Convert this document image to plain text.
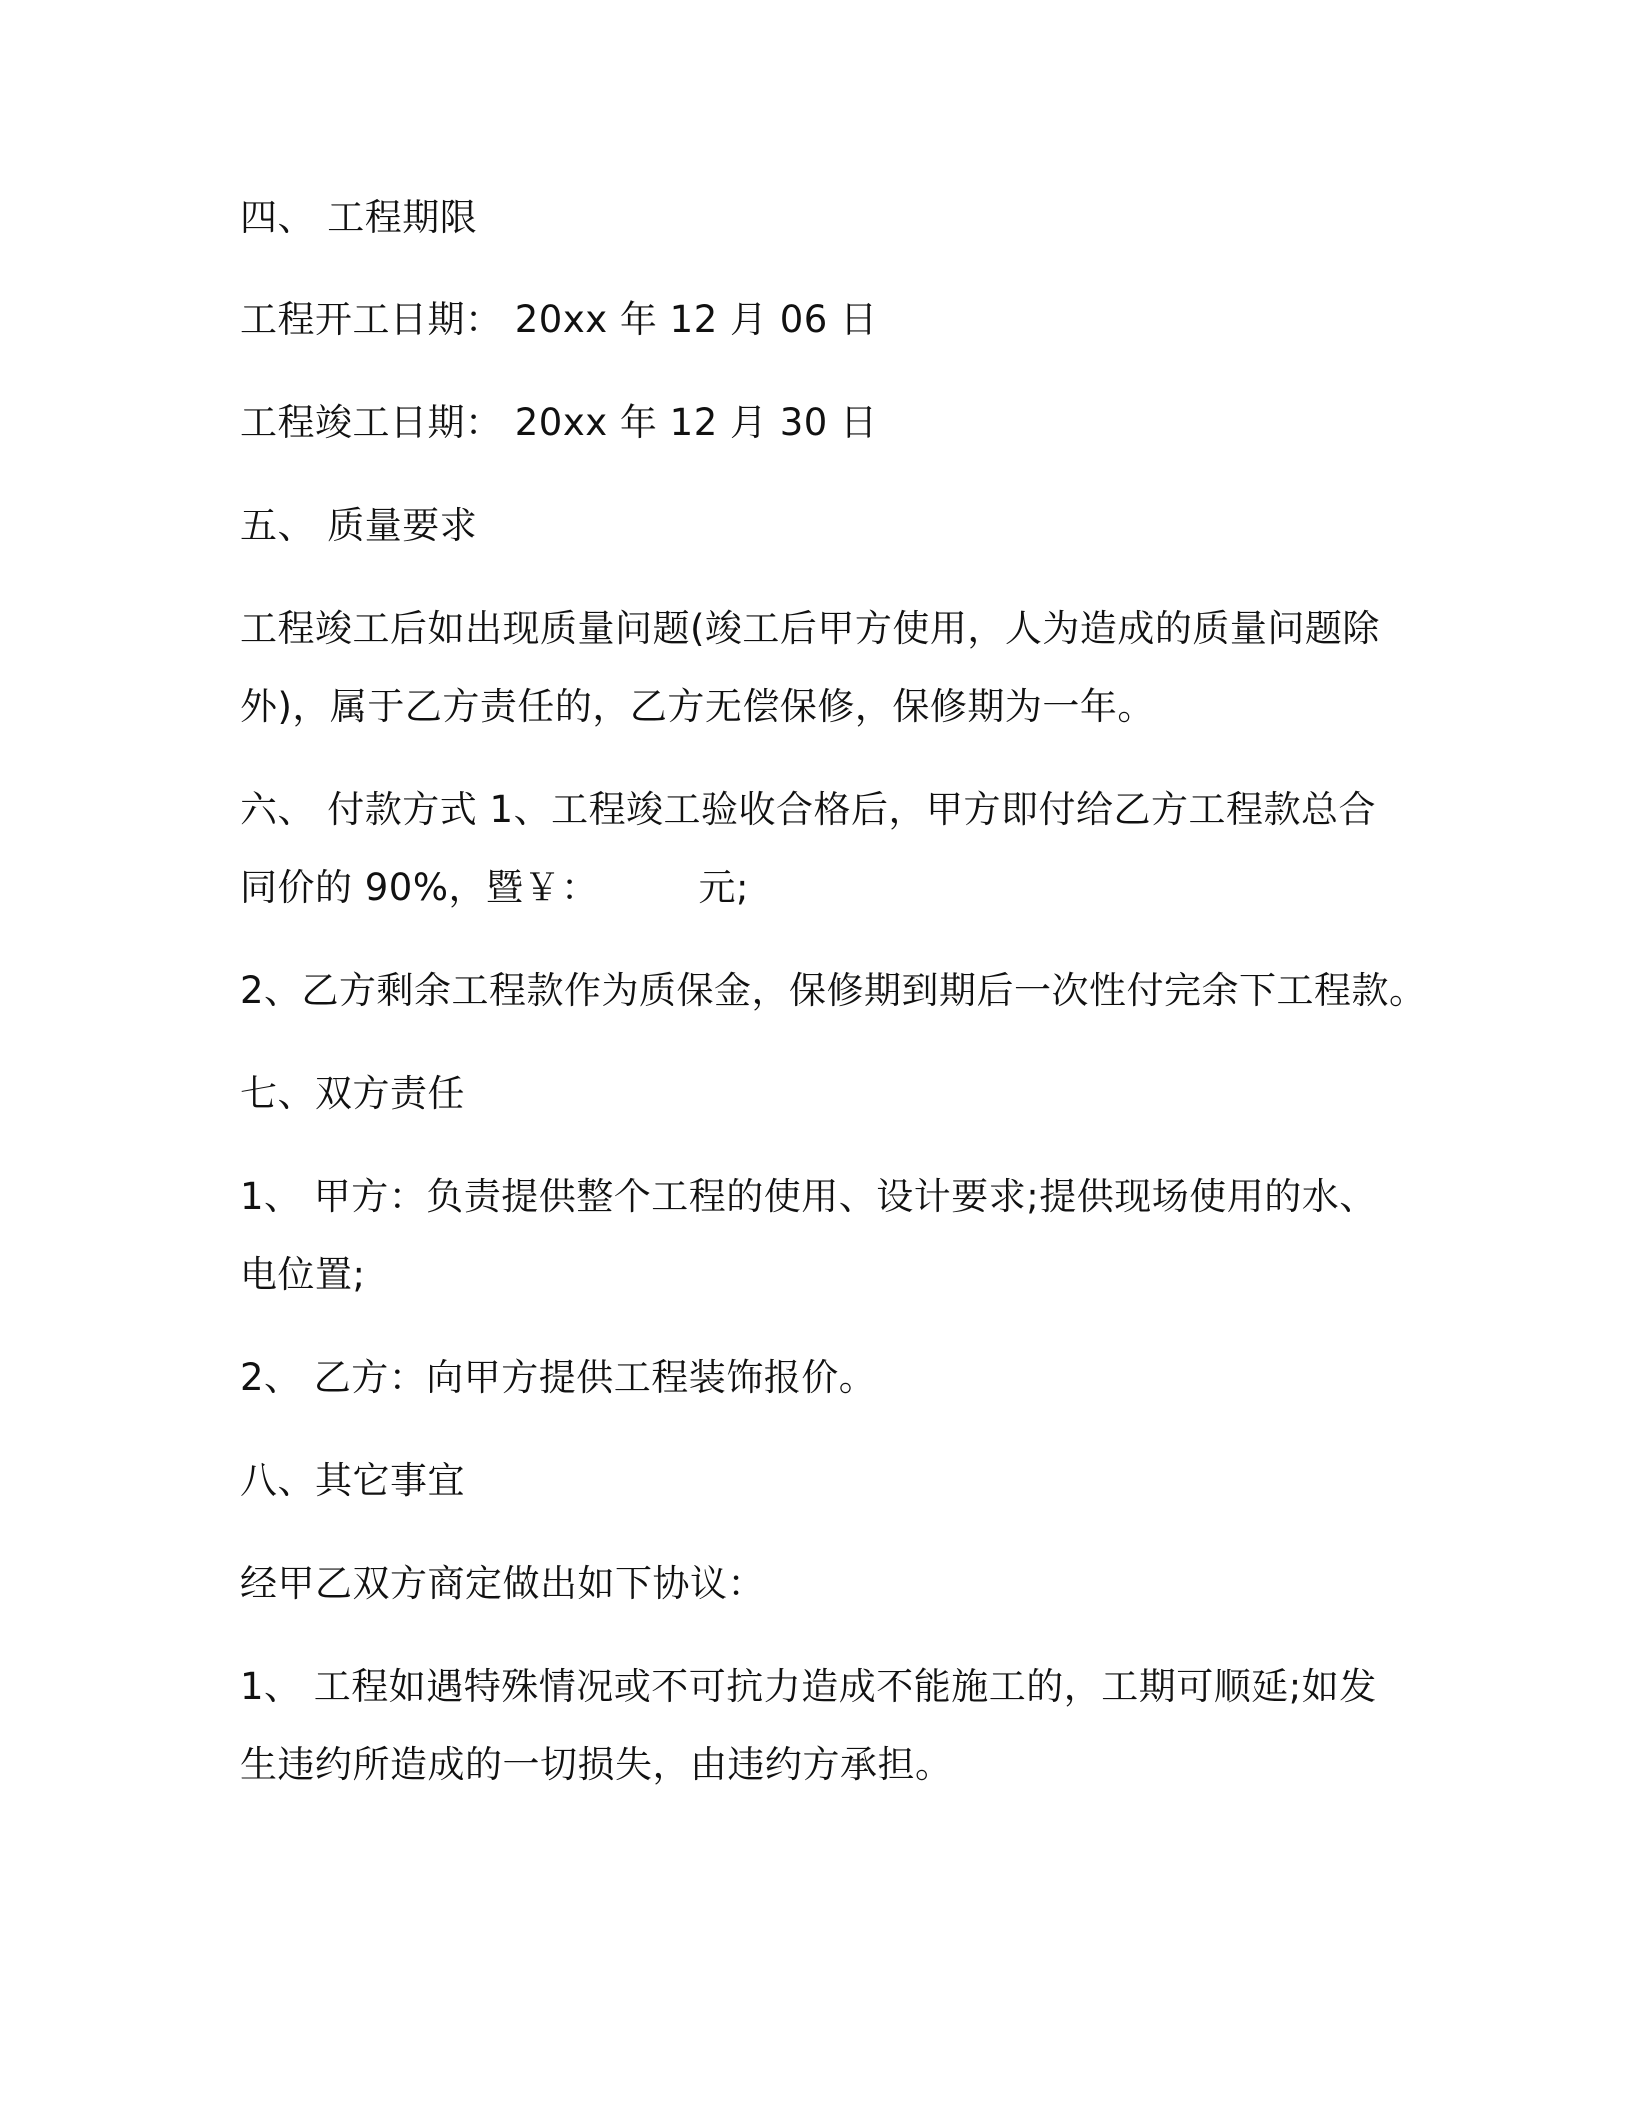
四、 工程期限
工程开工日期： 20xx 年 12 月 06 日
工程竣工日期： 20xx 年 12 月 30 日
五、 质量要求
工程竣工后如出现质量问题(竣工后甲方使用，人为造成的质量问题除
外)，属于乙方责任的，乙方无偿保修，保修期为一年。
六、 付款方式 1、工程竣工验收合格后，甲方即付给乙方工程款总合
同价的 90%，暨￥：	元;
2、乙方剩余工程款作为质保金，保修期到期后一次性付完余下工程款。
七、双方责任
1、 甲方：负责提供整个工程的使用、设计要求;提供现场使用的水、
电位置;
2、 乙方：向甲方提供工程装饰报价。
八、其它事宜
经甲乙双方商定做出如下协议：
1、 工程如遇特殊情况或不可抗力造成不能施工的，工期可顺延;如发
生违约所造成的一切损失，由违约方承担。
